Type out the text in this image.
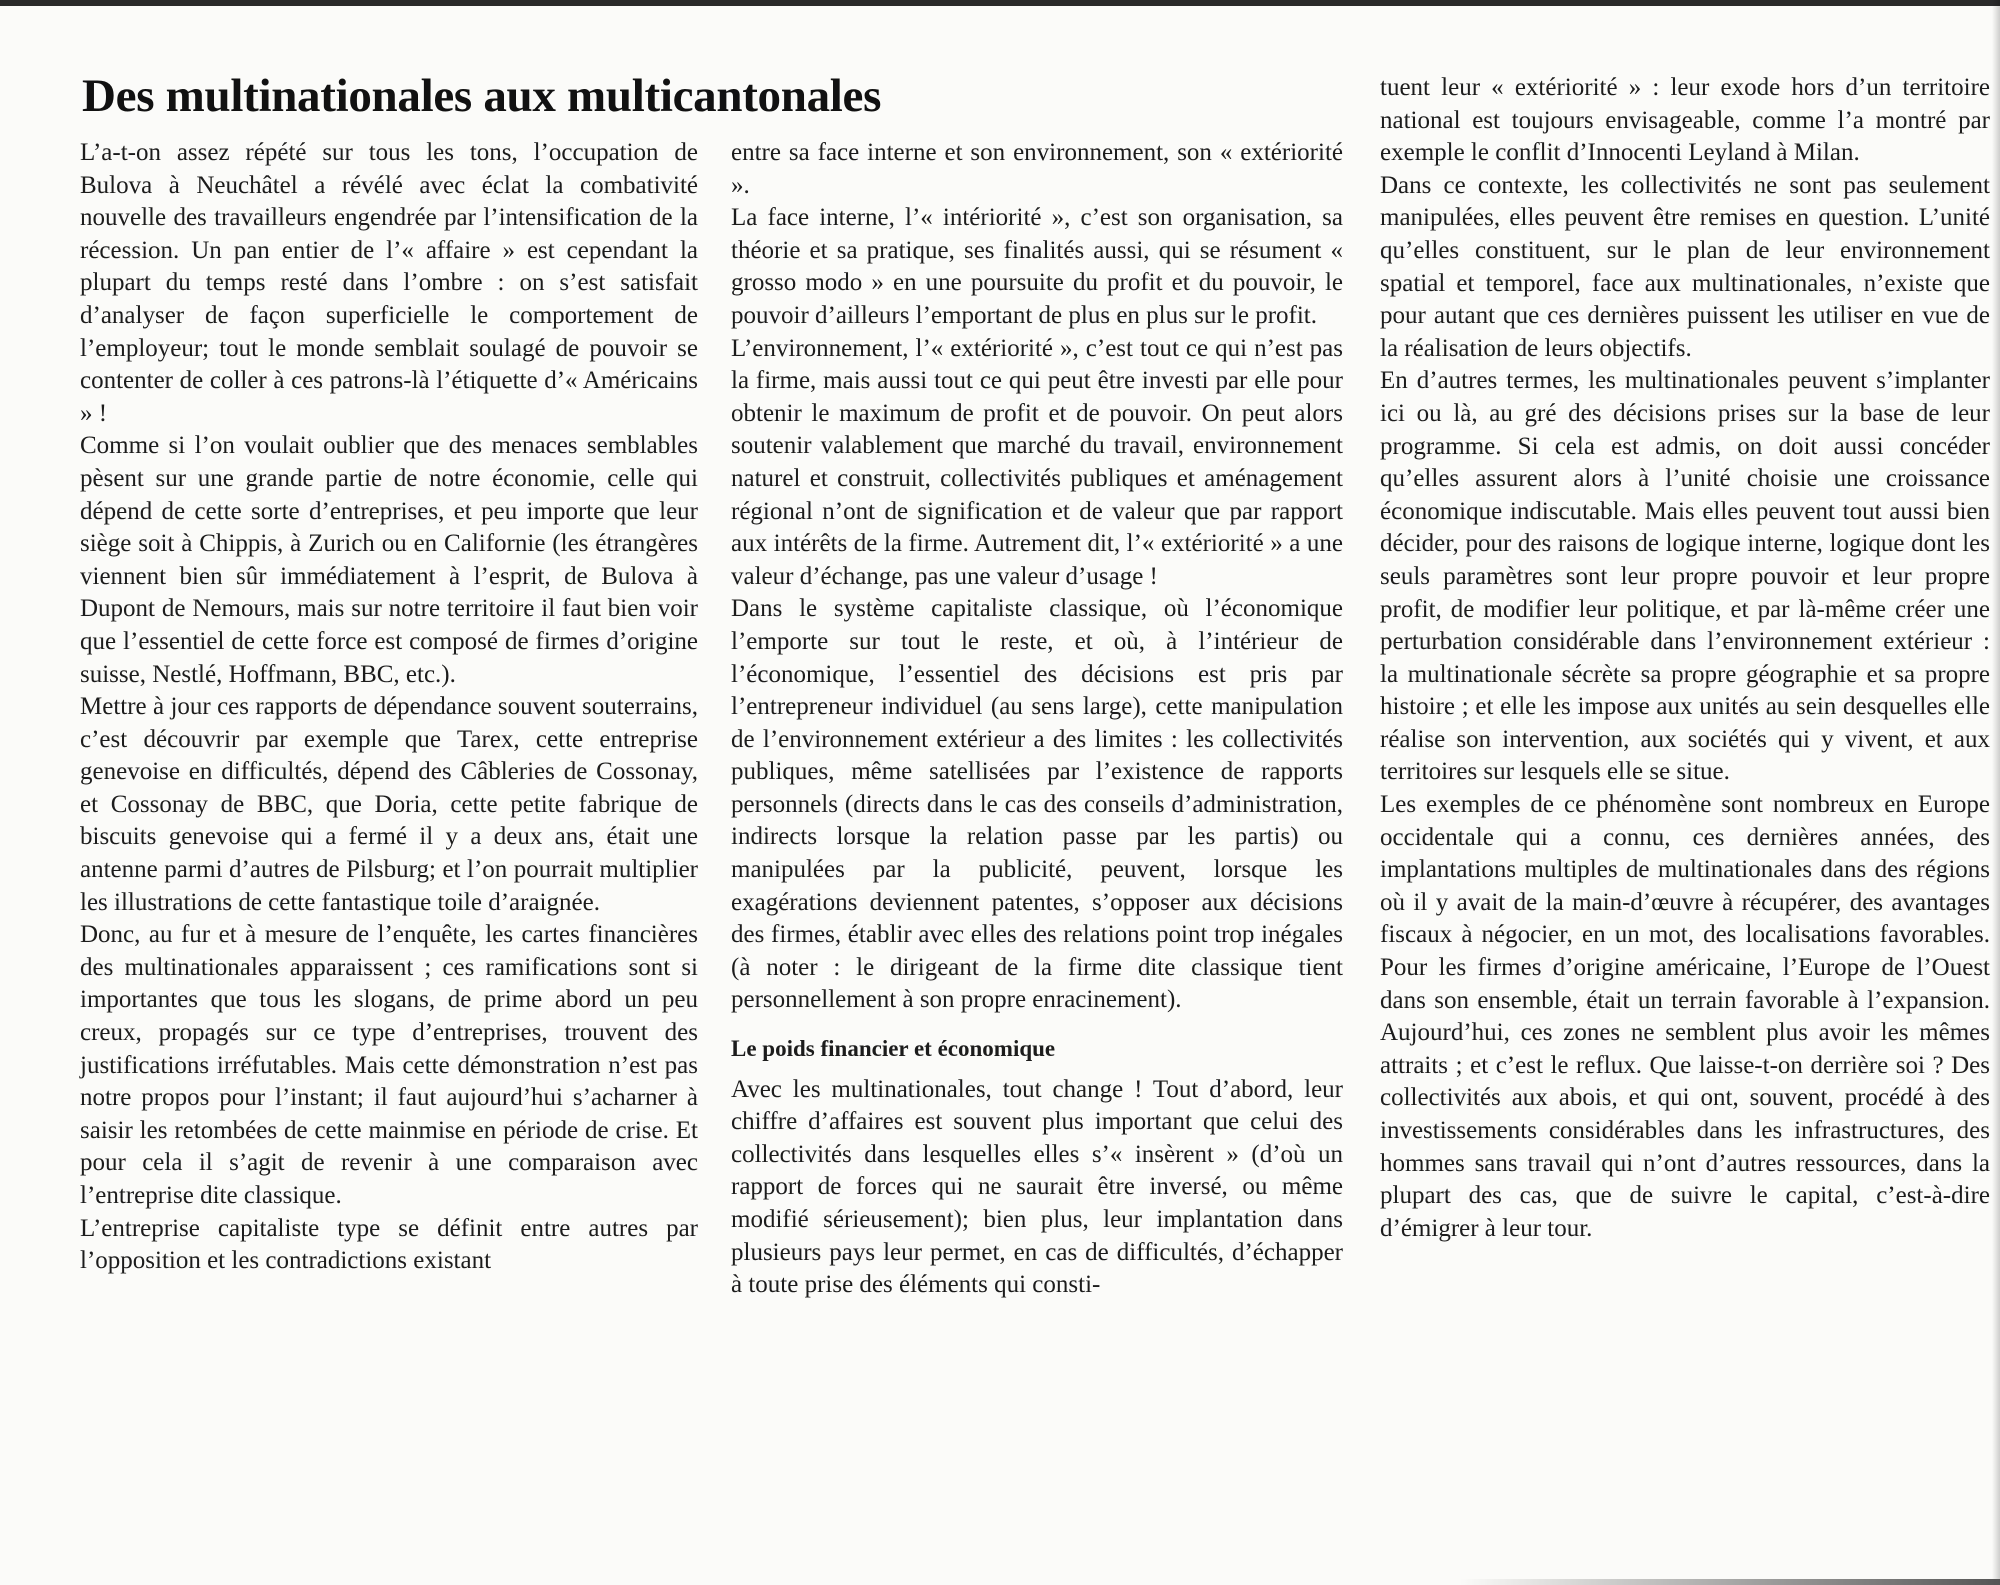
Des multinationales aux multicantonales

L’a-t-on assez répété sur tous les tons, l’occupation de Bulova à Neuchâtel a révélé avec éclat la combativité nouvelle des travailleurs engendrée par l’intensification de la récession. Un pan entier de l’« affaire » est cependant la plupart du temps resté dans l’ombre : on s’est satisfait d’analyser de façon superficielle le comportement de l’employeur; tout le monde semblait soulagé de pouvoir se contenter de coller à ces patrons-là l’étiquette d’« Américains » !

Comme si l’on voulait oublier que des menaces semblables pèsent sur une grande partie de notre économie, celle qui dépend de cette sorte d’entreprises, et peu importe que leur siège soit à Chippis, à Zurich ou en Californie (les étrangères viennent bien sûr immédiatement à l’esprit, de Bulova à Dupont de Nemours, mais sur notre territoire il faut bien voir que l’essentiel de cette force est composé de firmes d’origine suisse, Nestlé, Hoffmann, BBC, etc.).

Mettre à jour ces rapports de dépendance souvent souterrains, c’est découvrir par exemple que Tarex, cette entreprise genevoise en difficultés, dépend des Câbleries de Cossonay, et Cossonay de BBC, que Doria, cette petite fabrique de biscuits genevoise qui a fermé il y a deux ans, était une antenne parmi d’autres de Pilsburg; et l’on pourrait multiplier les illustrations de cette fantastique toile d’araignée.

Donc, au fur et à mesure de l’enquête, les cartes financières des multinationales apparaissent ; ces ramifications sont si importantes que tous les slogans, de prime abord un peu creux, propagés sur ce type d’entreprises, trouvent des justifications irréfutables. Mais cette démonstration n’est pas notre propos pour l’instant; il faut aujourd’hui s’acharner à saisir les retombées de cette mainmise en période de crise. Et pour cela il s’agit de revenir à une comparaison avec l’entreprise dite classique.

L’entreprise capitaliste type se définit entre autres par l’opposition et les contradictions existant

entre sa face interne et son environnement, son « extériorité ».

La face interne, l’« intériorité », c’est son organisation, sa théorie et sa pratique, ses finalités aussi, qui se résument « grosso modo » en une poursuite du profit et du pouvoir, le pouvoir d’ailleurs l’emportant de plus en plus sur le profit.

L’environnement, l’« extériorité », c’est tout ce qui n’est pas la firme, mais aussi tout ce qui peut être investi par elle pour obtenir le maximum de profit et de pouvoir. On peut alors soutenir valablement que marché du travail, environnement naturel et construit, collectivités publiques et aménagement régional n’ont de signification et de valeur que par rapport aux intérêts de la firme. Autrement dit, l’« extériorité » a une valeur d’échange, pas une valeur d’usage !

Dans le système capitaliste classique, où l’économique l’emporte sur tout le reste, et où, à l’intérieur de l’économique, l’essentiel des décisions est pris par l’entrepreneur individuel (au sens large), cette manipulation de l’environnement extérieur a des limites : les collectivités publiques, même satellisées par l’existence de rapports personnels (directs dans le cas des conseils d’administration, indirects lorsque la relation passe par les partis) ou manipulées par la publicité, peuvent, lorsque les exagérations deviennent patentes, s’opposer aux décisions des firmes, établir avec elles des relations point trop inégales (à noter : le dirigeant de la firme dite classique tient personnellement à son propre enracinement).

Le poids financier et économique

Avec les multinationales, tout change ! Tout d’abord, leur chiffre d’affaires est souvent plus important que celui des collectivités dans lesquelles elles s’« insèrent » (d’où un rapport de forces qui ne saurait être inversé, ou même modifié sérieusement); bien plus, leur implantation dans plusieurs pays leur permet, en cas de difficultés, d’échapper à toute prise des éléments qui consti-

tuent leur « extériorité » : leur exode hors d’un territoire national est toujours envisageable, comme l’a montré par exemple le conflit d’Innocenti Leyland à Milan.

Dans ce contexte, les collectivités ne sont pas seulement manipulées, elles peuvent être remises en question. L’unité qu’elles constituent, sur le plan de leur environnement spatial et temporel, face aux multinationales, n’existe que pour autant que ces dernières puissent les utiliser en vue de la réalisation de leurs objectifs.

En d’autres termes, les multinationales peuvent s’implanter ici ou là, au gré des décisions prises sur la base de leur programme. Si cela est admis, on doit aussi concéder qu’elles assurent alors à l’unité choisie une croissance économique indiscutable. Mais elles peuvent tout aussi bien décider, pour des raisons de logique interne, logique dont les seuls paramètres sont leur propre pouvoir et leur propre profit, de modifier leur politique, et par là-même créer une perturbation considérable dans l’environnement extérieur : la multinationale sécrète sa propre géographie et sa propre histoire ; et elle les impose aux unités au sein desquelles elle réalise son intervention, aux sociétés qui y vivent, et aux territoires sur lesquels elle se situe.

Les exemples de ce phénomène sont nombreux en Europe occidentale qui a connu, ces dernières années, des implantations multiples de multinationales dans des régions où il y avait de la main-d’œuvre à récupérer, des avantages fiscaux à négocier, en un mot, des localisations favorables. Pour les firmes d’origine américaine, l’Europe de l’Ouest dans son ensemble, était un terrain favorable à l’expansion. Aujourd’hui, ces zones ne semblent plus avoir les mêmes attraits ; et c’est le reflux. Que laisse-t-on derrière soi ? Des collectivités aux abois, et qui ont, souvent, procédé à des investissements considérables dans les infrastructures, des hommes sans travail qui n’ont d’autres ressources, dans la plupart des cas, que de suivre le capital, c’est-à-dire d’émigrer à leur tour.
